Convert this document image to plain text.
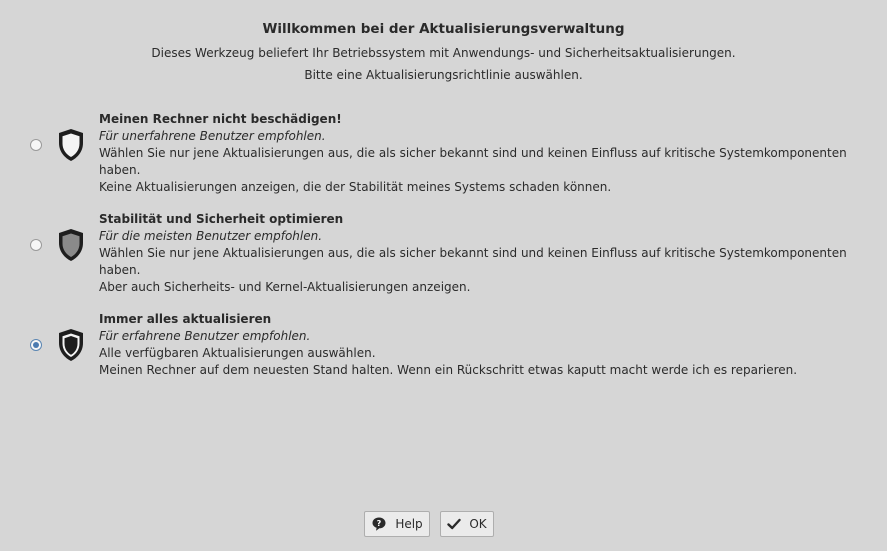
Willkommen bei der Aktualisierungsverwaltung
Dieses Werkzeug beliefert Ihr Betriebssystem mit Anwendungs- und Sicherheitsaktualisierungen.
Bitte eine Aktualisierungsrichtlinie auswählen.
Meinen Rechner nicht beschädigen!
Für unerfahrene Benutzer empfohlen.
Wählen Sie nur jene Aktualisierungen aus, die als sicher bekannt sind und keinen Einfluss auf kritische Systemkomponenten haben.
Keine Aktualisierungen anzeigen, die der Stabilität meines Systems schaden können.
Stabilität und Sicherheit optimieren
Für die meisten Benutzer empfohlen.
Wählen Sie nur jene Aktualisierungen aus, die als sicher bekannt sind und keinen Einfluss auf kritische Systemkomponenten haben.
Aber auch Sicherheits- und Kernel-Aktualisierungen anzeigen.
Immer alles aktualisieren
Für erfahrene Benutzer empfohlen.
Alle verfügbaren Aktualisierungen auswählen.
Meinen Rechner auf dem neuesten Stand halten. Wenn ein Rückschritt etwas kaputt macht werde ich es reparieren.
? Help	OK
